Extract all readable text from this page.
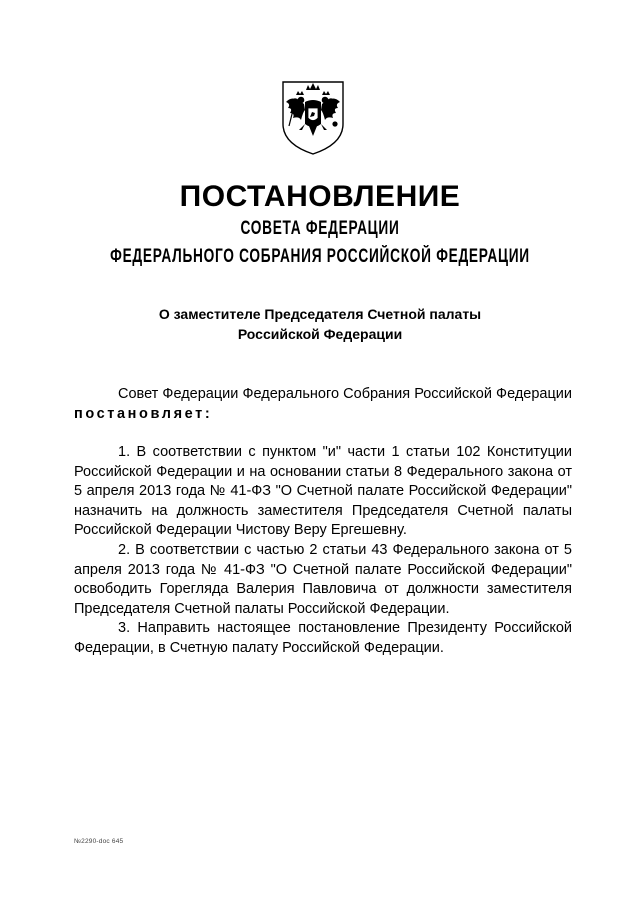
ПОСТАНОВЛЕНИЕ
СОВЕТА ФЕДЕРАЦИИ
ФЕДЕРАЛЬНОГО СОБРАНИЯ РОССИЙСКОЙ ФЕДЕРАЦИИ
О заместителе Председателя Счетной палаты
Российской Федерации

Совет Федерации Федерального Собрания Российской Федерации постановляет:

1. В соответствии с пунктом "и" части 1 статьи 102 Конституции Российской Федерации и на основании статьи 8 Федерального закона от 5 апреля 2013 года № 41-ФЗ "О Счетной палате Российской Федерации" назначить на должность заместителя Председателя Счетной палаты Российской Федерации Чистову Веру Ергешевну.

2. В соответствии с частью 2 статьи 43 Федерального закона от 5 апреля 2013 года № 41-ФЗ "О Счетной палате Российской Федерации" освободить Горегляда Валерия Павловича от должности заместителя Председателя Счетной палаты Российской Федерации.

3. Направить настоящее постановление Президенту Российской Федерации, в Счетную палату Российской Федерации.

№2290-doc 645
